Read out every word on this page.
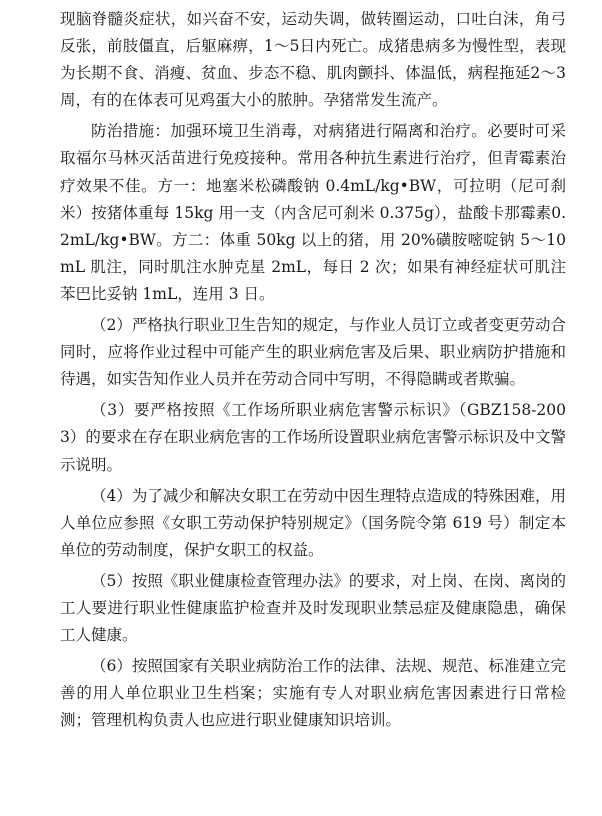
现脑脊髓炎症状，如兴奋不安，运动失调，做转圈运动，口吐白沫，角弓反张，前肢僵直，后躯麻痹，1～5日内死亡。成猪患病多为慢性型，表现为长期不食、消瘦、贫血、步态不稳、肌肉颤抖、体温低，病程拖延2～3周，有的在体表可见鸡蛋大小的脓肿。孕猪常发生流产。

防治措施：加强环境卫生消毒，对病猪进行隔离和治疗。必要时可采取福尔马林灭活苗进行免疫接种。常用各种抗生素进行治疗，但青霉素治疗效果不佳。方一：地塞米松磷酸钠 0.4mL/kg•BW，可拉明（尼可刹米）按猪体重每 15kg 用一支（内含尼可刹米 0.375g），盐酸卡那霉素0.2mL/kg•BW。方二：体重 50kg 以上的猪，用 20%磺胺嘧啶钠 5～10mL 肌注，同时肌注水肿克星 2mL，每日 2 次；如果有神经症状可肌注苯巴比妥钠 1mL，连用 3 日。

（2）严格执行职业卫生告知的规定，与作业人员订立或者变更劳动合同时，应将作业过程中可能产生的职业病危害及后果、职业病防护措施和待遇，如实告知作业人员并在劳动合同中写明，不得隐瞒或者欺骗。

（3）要严格按照《工作场所职业病危害警示标识》（GBZ158-2003）的要求在存在职业病危害的工作场所设置职业病危害警示标识及中文警示说明。

（4）为了减少和解决女职工在劳动中因生理特点造成的特殊困难，用人单位应参照《女职工劳动保护特别规定》（国务院令第 619 号）制定本单位的劳动制度，保护女职工的权益。

（5）按照《职业健康检查管理办法》的要求，对上岗、在岗、离岗的工人要进行职业性健康监护检查并及时发现职业禁忌症及健康隐患，确保工人健康。

（6）按照国家有关职业病防治工作的法律、法规、规范、标准建立完善的用人单位职业卫生档案；实施有专人对职业病危害因素进行日常检测；管理机构负责人也应进行职业健康知识培训。
